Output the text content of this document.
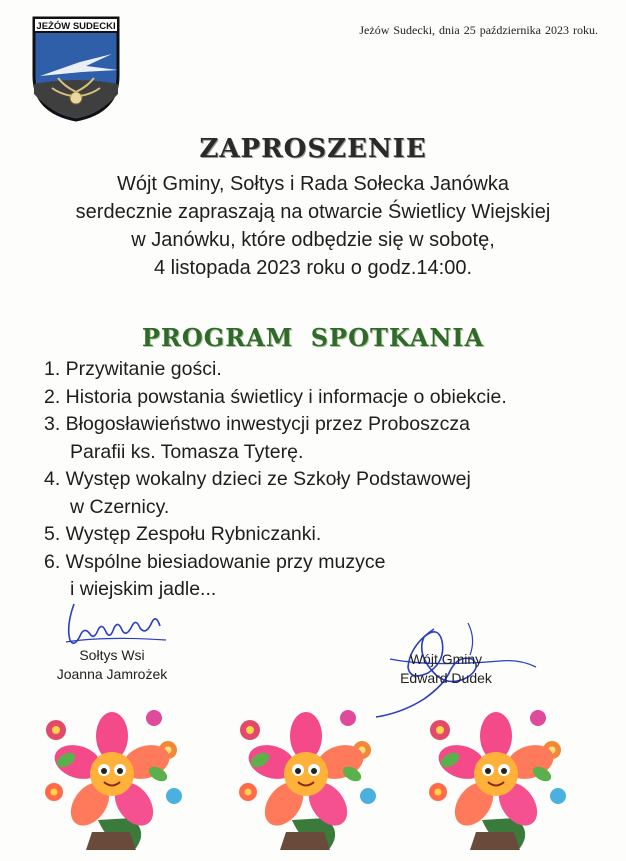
JEŻÓW SUDECKI	Jeżów Sudecki, dnia 25 października 2023 roku.
ZAPROSZENIE
Wójt Gminy, Sołtys i Rada Sołecka Janówka
serdecznie zapraszają na otwarcie Świetlicy Wiejskiej
w Janówku, które odbędzie się w sobotę,
4 listopada 2023 roku o godz.14:00.
PROGRAM SPOTKANIA
1. Przywitanie gości.
2. Historia powstania świetlicy i informacje o obiekcie.
3. Błogosławieństwo inwestycji przez Proboszcza
Parafii ks. Tomasza Tyterę.
4. Występ wokalny dzieci ze Szkoły Podstawowej
w Czernicy.
5. Występ Zespołu Rybniczanki.
6. Wspólne biesiadowanie przy muzyce
i wiejskim jadle...
Sołtys Wsi
Joanna Jamrożek
Wójt Gminy
Edward Dudek
